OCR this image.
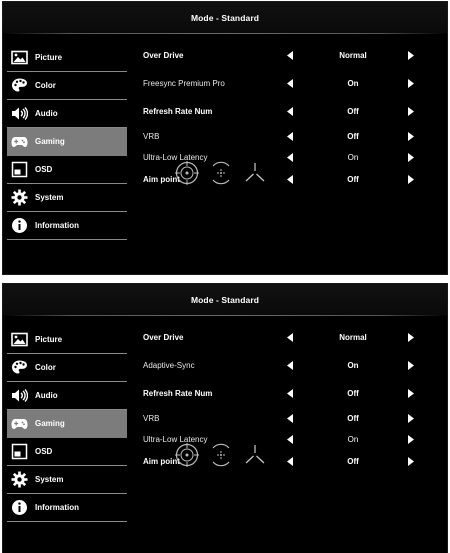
Mode - Standard
Picture
Color
Audio
Gaming
OSD
System
Information
Over Drive	Normal
Freesync Premium Pro	On
Refresh Rate Num	Off
VRB	Off
Ultra-Low Latency	On
Aim point	Off
Mode - Standard
Picture
Color
Audio
Gaming
OSD
System
Information
Over Drive	Normal
Adaptive-Sync	On
Refresh Rate Num	Off
VRB	Off
Ultra-Low Latency	On
Aim point	Off
